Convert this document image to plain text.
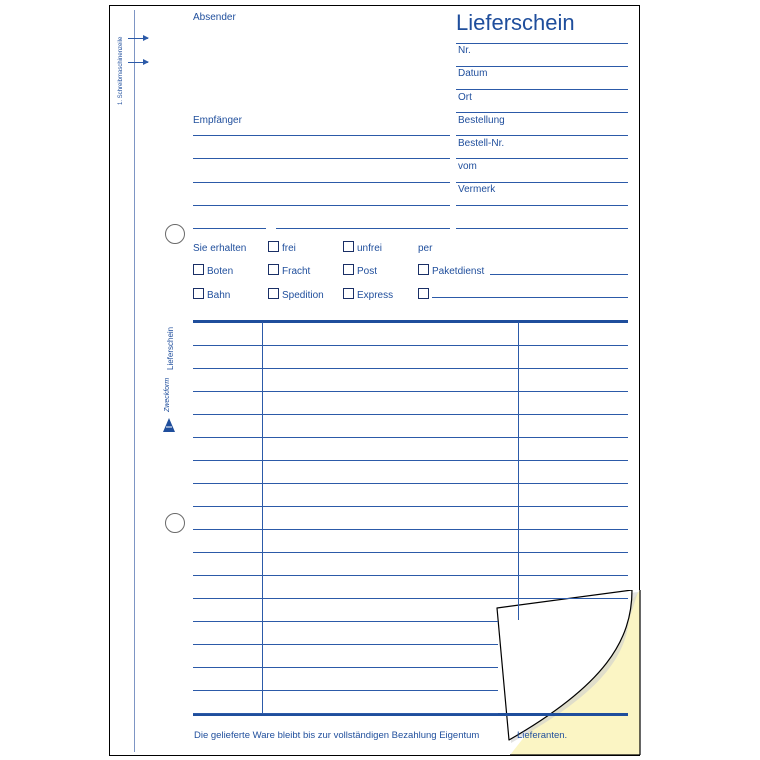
1. Schreibmaschinenzeile
Zweckform
Lieferschein
Absender	Lieferschein
Nr.
Datum
Ort
Bestellung
Bestell-Nr.
vom
Vermerk
Empfänger
Sie erhalten	frei	unfrei	per
Boten	Fracht	Post	Paketdienst
Bahn	Spedition	Express
Die gelieferte Ware bleibt bis zur vollständigen Bezahlung Eigentum	Lieferanten.
